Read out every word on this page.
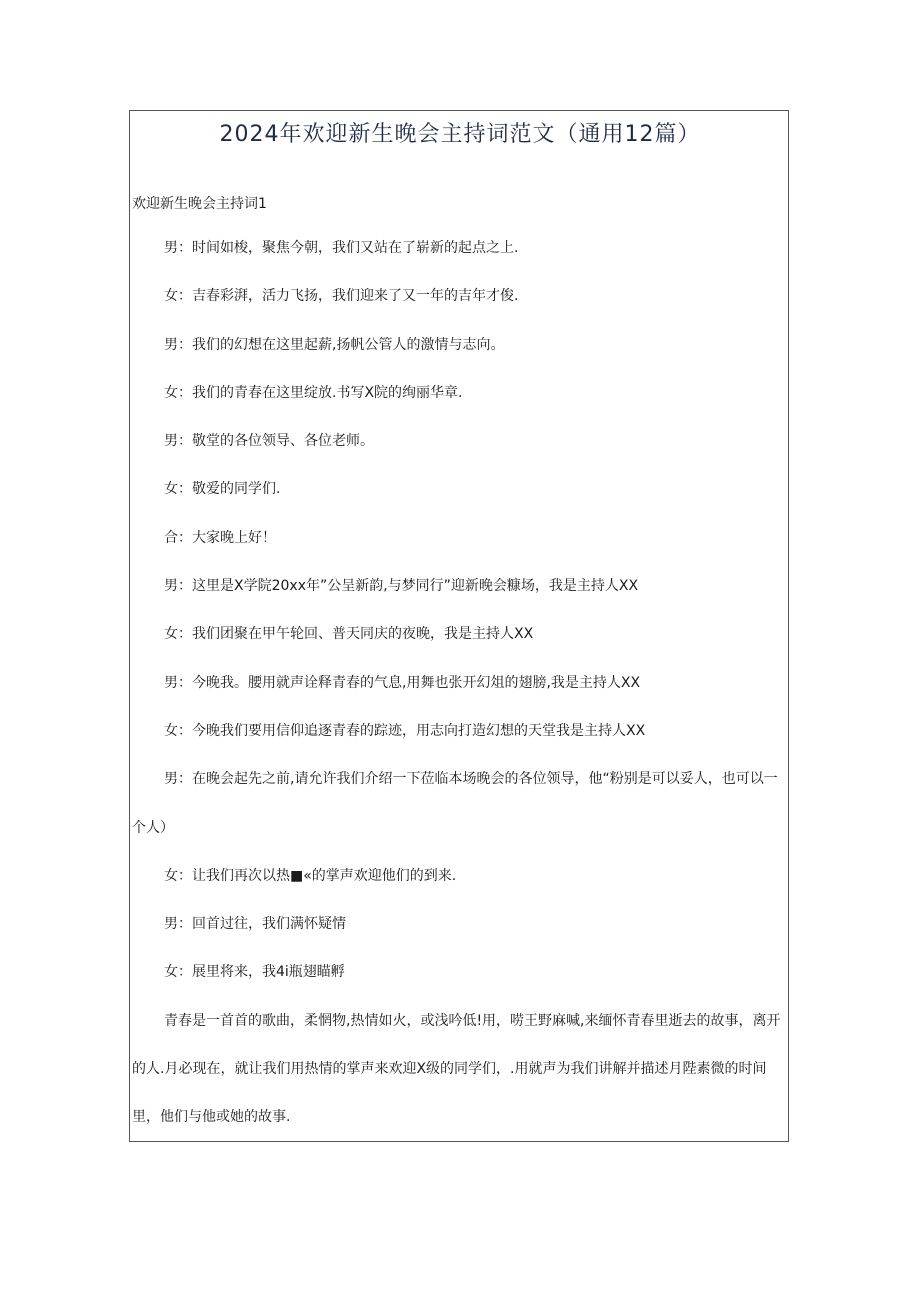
2024年欢迎新生晚会主持词范文（通用12篇）

欢迎新生晚会主持词1

男：时间如梭，聚焦今朝，我们又站在了崭新的起点之上.

女：吉春彩湃，活力飞扬，我们迎来了又一年的吉年才俊.

男：我们的幻想在这里起薪,扬帆公管人的激情与志向。

女：我们的青春在这里绽放.书写X院的绚丽华章.

男：敬堂的各位领导、各位老师。

女：敬爱的同学们.

合：大家晚上好！

男：这里是X学院20xx年”公呈新韵,与梦同行”迎新晚会糠场，我是主持人XX

女：我们团聚在甲午轮回、普天同庆的夜晚，我是主持人XX

男：今晚我。腰用就声诠释青春的气息,用舞也张开幻俎的翅膀,我是主持人XX

女：今晚我们要用信仰追逐青春的踪迹，用志向打造幻想的天堂我是主持人XX

男：在晚会起先之前,请允许我们介绍一下莅临本场晚会的各位领导，他“粉别是可以妥人，也可以一个人）

女：让我们再次以热■«的掌声欢迎他们的到来.

男：回首过往，我们满怀疑情

女：展里将来，我4i瓶翅瞄孵

青春是一首首的歌曲，柔惘物,热情如火，或浅吟低!用，唠王野麻喊,来缅怀青春里逝去的故事，离开的人.月必现在，就让我们用热情的掌声来欢迎X级的同学们，.用就声为我们讲解并描述月陛素微的时间里，他们与他或她的故事.
